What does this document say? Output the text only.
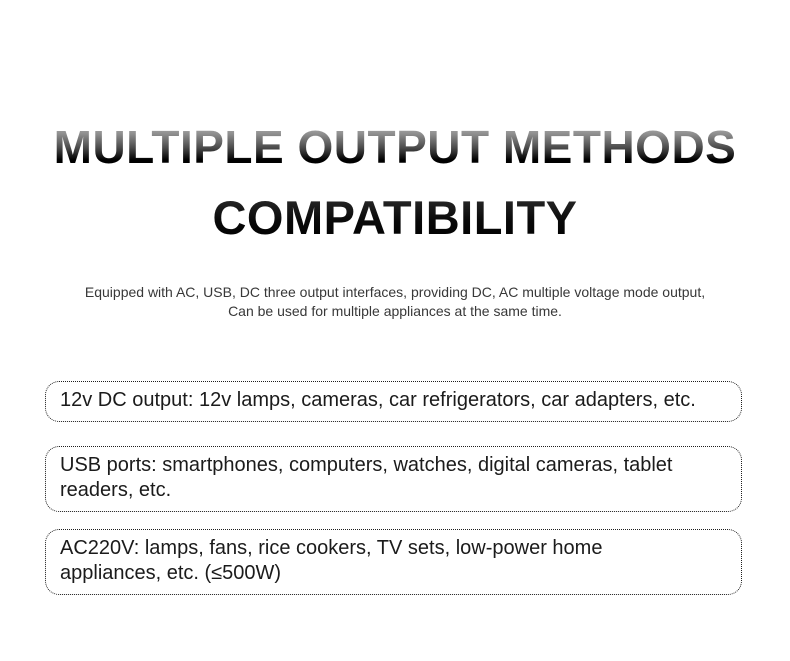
MULTIPLE OUTPUT METHODS
COMPATIBILITY

Equipped with AC, USB, DC three output interfaces, providing DC, AC multiple voltage mode output,
Can be used for multiple appliances at the same time.

12v DC output: 12v lamps, cameras, car refrigerators, car adapters, etc.
USB ports: smartphones, computers, watches, digital cameras, tablet
readers, etc.
AC220V: lamps, fans, rice cookers, TV sets, low-power home
appliances, etc. (≤500W)
